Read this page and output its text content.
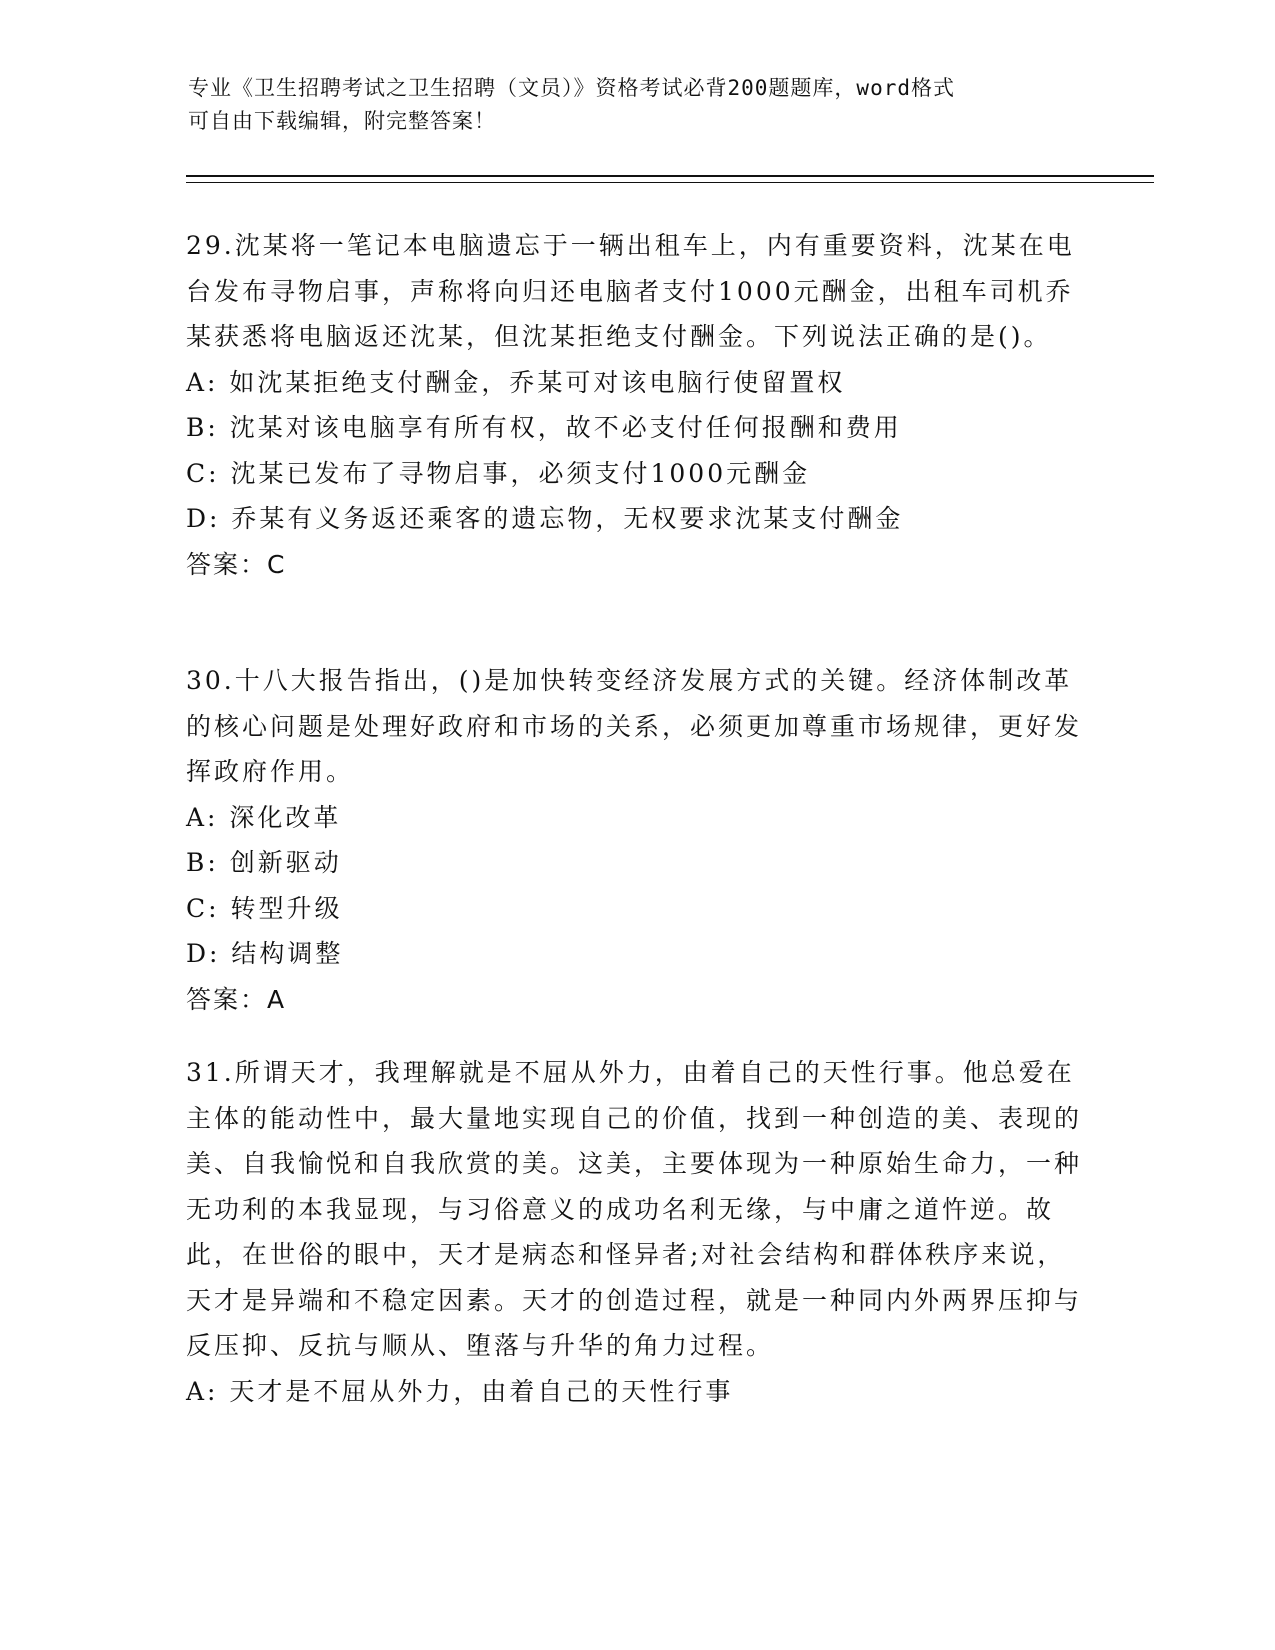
专业《卫生招聘考试之卫生招聘（文员）》资格考试必背200题题库，word格式
可自由下载编辑，附完整答案！

29.沈某将一笔记本电脑遗忘于一辆出租车上，内有重要资料，沈某在电台发布寻物启事，声称将向归还电脑者支付1000元酬金，出租车司机乔某获悉将电脑返还沈某，但沈某拒绝支付酬金。下列说法正确的是()。

A: 如沈某拒绝支付酬金，乔某可对该电脑行使留置权
B: 沈某对该电脑享有所有权，故不必支付任何报酬和费用
C: 沈某已发布了寻物启事，必须支付1000元酬金
D: 乔某有义务返还乘客的遗忘物，无权要求沈某支付酬金

答案：C

30.十八大报告指出，()是加快转变经济发展方式的关键。经济体制改革的核心问题是处理好政府和市场的关系，必须更加尊重市场规律，更好发挥政府作用。

A: 深化改革
B: 创新驱动
C: 转型升级
D: 结构调整

答案：A

31.所谓天才，我理解就是不屈从外力，由着自己的天性行事。他总爱在主体的能动性中，最大量地实现自己的价值，找到一种创造的美、表现的美、自我愉悦和自我欣赏的美。这美，主要体现为一种原始生命力，一种无功利的本我显现，与习俗意义的成功名利无缘，与中庸之道忤逆。故此，在世俗的眼中，天才是病态和怪异者;对社会结构和群体秩序来说，天才是异端和不稳定因素。天才的创造过程，就是一种同内外两界压抑与反压抑、反抗与顺从、堕落与升华的角力过程。

A: 天才是不屈从外力，由着自己的天性行事
